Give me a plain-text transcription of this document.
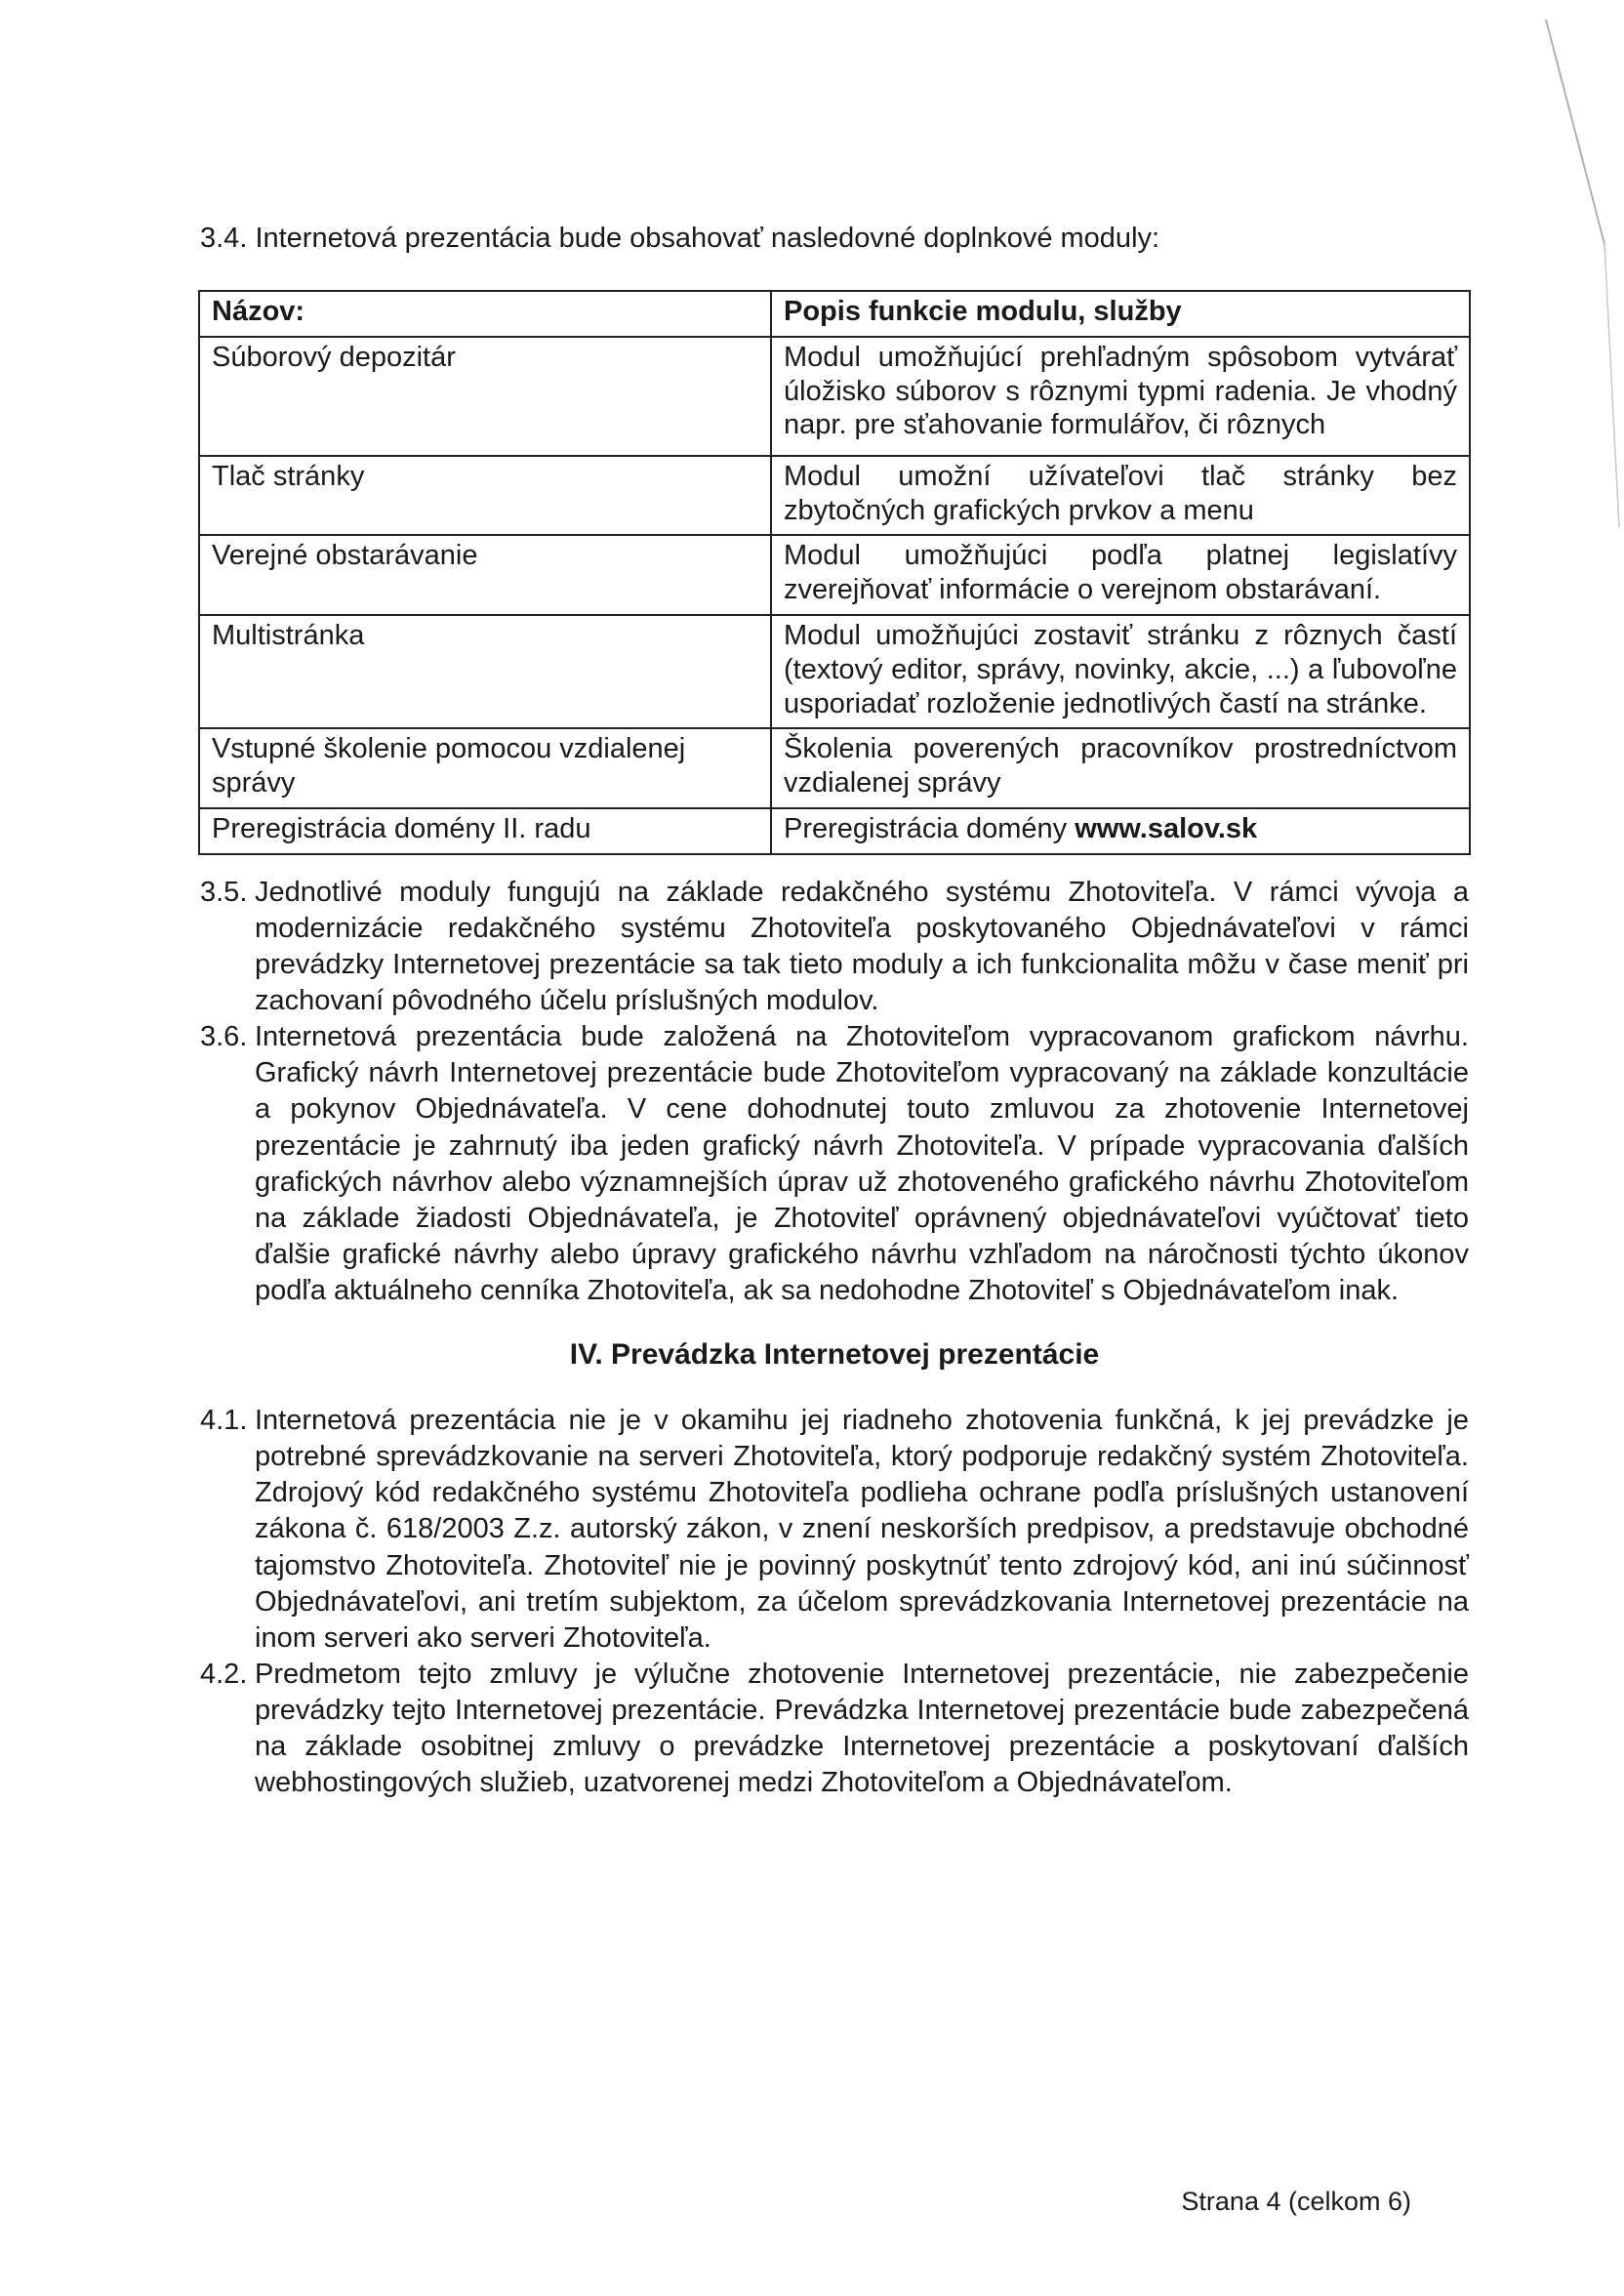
3.4. Internetová prezentácia bude obsahovať nasledovné doplnkové moduly:

Názov:	Popis funkcie modulu, služby
Súborový depozitár	Modul umožňujúcí prehľadným spôsobom vytvárať úložisko súborov s rôznymi typmi radenia. Je vhodný napr. pre sťahovanie formulářov, či rôznych
Tlač stránky	Modul umožní užívateľovi tlač stránky bez zbytočných grafických prvkov a menu
Verejné obstarávanie	Modul umožňujúci podľa platnej legislatívy zverejňovať informácie o verejnom obstarávaní.
Multistránka	Modul umožňujúci zostaviť stránku z rôznych častí (textový editor, správy, novinky, akcie, ...) a ľubovoľne usporiadať rozloženie jednotlivých častí na stránke.
Vstupné školenie pomocou vzdialenej správy	Školenia poverených pracovníkov prostredníctvom vzdialenej správy
Preregistrácia domény II. radu	Preregistrácia domény www.salov.sk
3.5. Jednotlivé moduly fungujú na základe redakčného systému Zhotoviteľa. V rámci vývoja a modernizácie redakčného systému Zhotoviteľa poskytovaného Objednávateľovi v rámci prevádzky Internetovej prezentácie sa tak tieto moduly a ich funkcionalita môžu v čase meniť pri zachovaní pôvodného účelu príslušných modulov.
3.6. Internetová prezentácia bude založená na Zhotoviteľom vypracovanom grafickom návrhu. Grafický návrh Internetovej prezentácie bude Zhotoviteľom vypracovaný na základe konzultácie a pokynov Objednávateľa. V cene dohodnutej touto zmluvou za zhotovenie Internetovej prezentácie je zahrnutý iba jeden grafický návrh Zhotoviteľa. V prípade vypracovania ďalších grafických návrhov alebo významnejších úprav už zhotoveného grafického návrhu Zhotoviteľom na základe žiadosti Objednávateľa, je Zhotoviteľ oprávnený objednávateľovi vyúčtovať tieto ďalšie grafické návrhy alebo úpravy grafického návrhu vzhľadom na náročnosti týchto úkonov podľa aktuálneho cenníka Zhotoviteľa, ak sa nedohodne Zhotoviteľ s Objednávateľom inak.
IV. Prevádzka Internetovej prezentácie
4.1. Internetová prezentácia nie je v okamihu jej riadneho zhotovenia funkčná, k jej prevádzke je potrebné sprevádzkovanie na serveri Zhotoviteľa, ktorý podporuje redakčný systém Zhotoviteľa. Zdrojový kód redakčného systému Zhotoviteľa podlieha ochrane podľa príslušných ustanovení zákona č. 618/2003 Z.z. autorský zákon, v znení neskorších predpisov, a predstavuje obchodné tajomstvo Zhotoviteľa. Zhotoviteľ nie je povinný poskytnúť tento zdrojový kód, ani inú súčinnosť Objednávateľovi, ani tretím subjektom, za účelom sprevádzkovania Internetovej prezentácie na inom serveri ako serveri Zhotoviteľa.
4.2. Predmetom tejto zmluvy je výlučne zhotovenie Internetovej prezentácie, nie zabezpečenie prevádzky tejto Internetovej prezentácie. Prevádzka Internetovej prezentácie bude zabezpečená na základe osobitnej zmluvy o prevádzke Internetovej prezentácie a poskytovaní ďalších webhostingových služieb, uzatvorenej medzi Zhotoviteľom a Objednávateľom.
Strana 4 (celkom 6)
